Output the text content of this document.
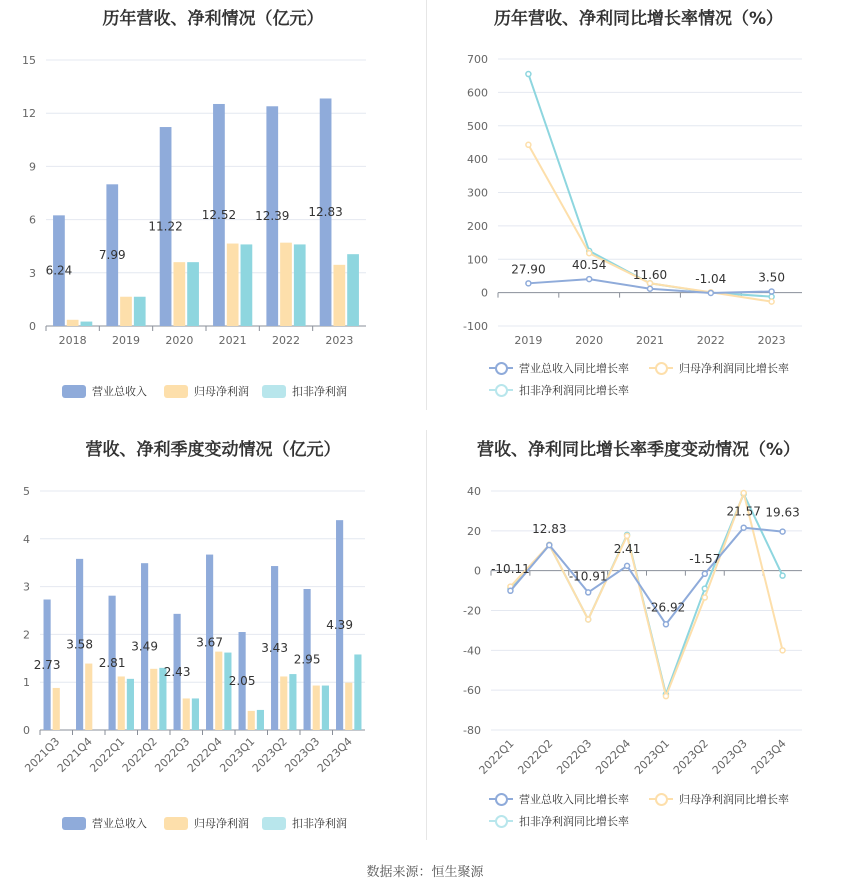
历年营收、净利情况（亿元）
0
3
6
9
12
15
2018
6.24
2019
7.99
2020
11.22
2021
12.52
2022
12.39
2023
12.83
营业总收入	归母净利润	扣非净利润
历年营收、净利同比增长率情况（%）
-100
0
100
200
300
400
500
600
700
2019	2020	2021	2022	2023
27.90 40.54
11.60 -1.04	3.50
营业总收入同比增长率	归母净利润同比增长率
扣非净利润同比增长率
营收、净利季度变动情况（亿元）
0
1
2
3
4
5
2021Q3
2.73
2021Q4
3.58
2022Q1
2.81
2022Q2
3.49
2022Q3
2.43
2022Q4
3.67
2023Q1
2.05
2023Q2
3.43
2023Q3
2.95
2023Q4
4.39
营业总收入	归母净利润	扣非净利润
营收、净利同比增长率季度变动情况（%）
-80
-60
-40
-20
0
20
40
2022Q1
2022Q2
2022Q3
2022Q4
2023Q1
2023Q2
2023Q3
2023Q4
-10.11
12.83
-10.91
2.41
-26.92
-1.57
21.57 19.63
营业总收入同比增长率	归母净利润同比增长率
扣非净利润同比增长率
数据来源：恒生聚源
